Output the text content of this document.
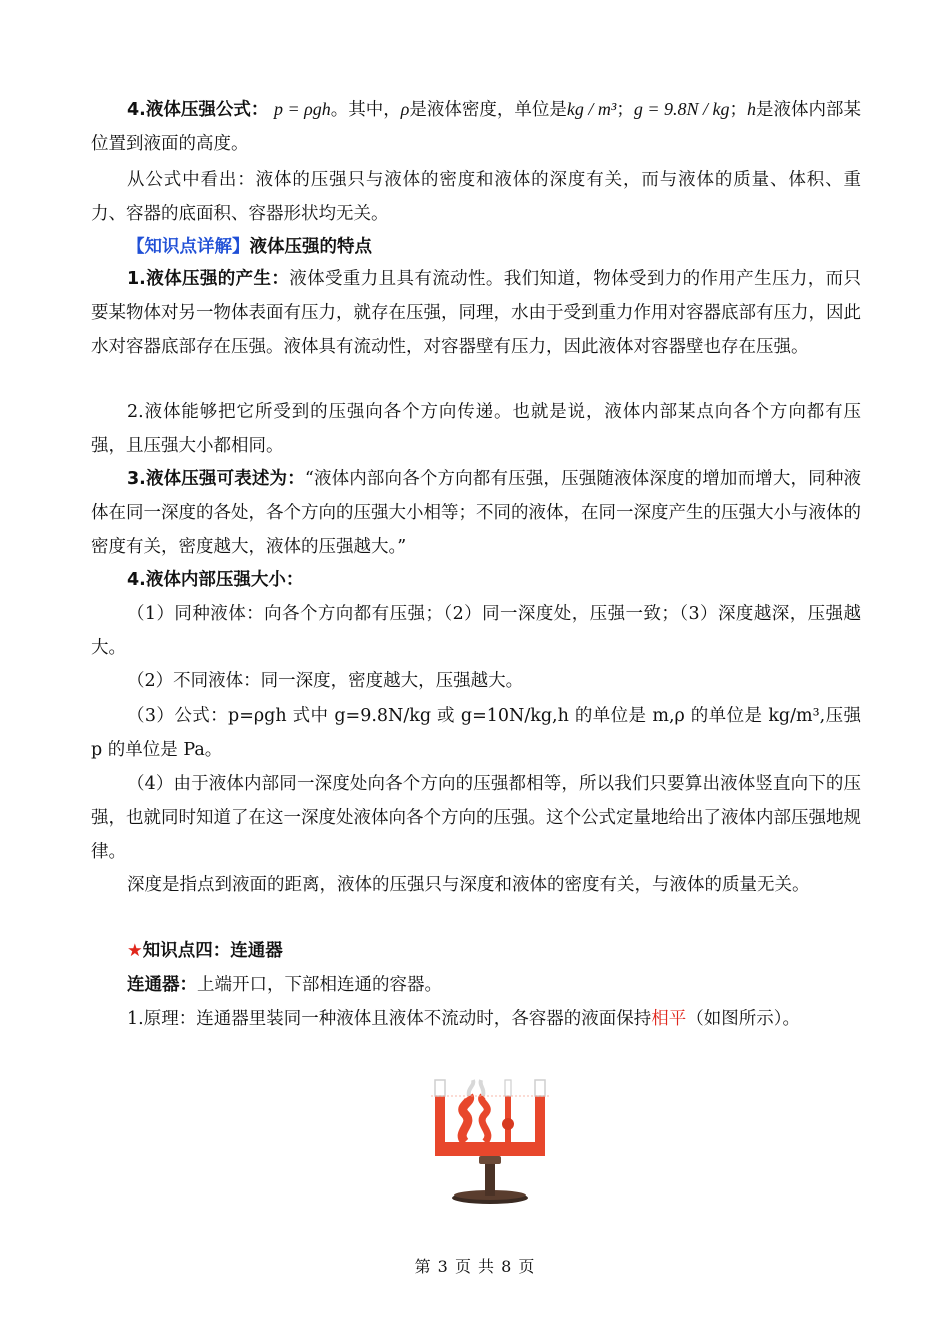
4.液体压强公式： p = ρgh。其中，ρ是液体密度，单位是kg / m³；g = 9.8N / kg；h是液体内部某位置到液面的高度。
从公式中看出：液体的压强只与液体的密度和液体的深度有关，而与液体的质量、体积、重力、容器的底面积、容器形状均无关。
【知识点详解】液体压强的特点
1.液体压强的产生：液体受重力且具有流动性。我们知道，物体受到力的作用产生压力，而只要某物体对另一物体表面有压力，就存在压强，同理，水由于受到重力作用对容器底部有压力，因此水对容器底部存在压强。液体具有流动性，对容器壁有压力，因此液体对容器壁也存在压强。
2.液体能够把它所受到的压强向各个方向传递。也就是说，液体内部某点向各个方向都有压强，且压强大小都相同。
3.液体压强可表述为：“液体内部向各个方向都有压强，压强随液体深度的增加而增大，同种液体在同一深度的各处，各个方向的压强大小相等；不同的液体，在同一深度产生的压强大小与液体的密度有关，密度越大，液体的压强越大。”
4.液体内部压强大小：
（1）同种液体：向各个方向都有压强；（2）同一深度处，压强一致；（3）深度越深，压强越大。
（2）不同液体：同一深度，密度越大，压强越大。
（3）公式：p=ρgh 式中 g=9.8N/kg 或 g=10N/kg,h 的单位是 m,ρ 的单位是 kg/m³,压强 p 的单位是 Pa。
（4）由于液体内部同一深度处向各个方向的压强都相等，所以我们只要算出液体竖直向下的压强，也就同时知道了在这一深度处液体向各个方向的压强。这个公式定量地给出了液体内部压强地规律。
深度是指点到液面的距离，液体的压强只与深度和液体的密度有关，与液体的质量无关。
★知识点四：连通器
连通器：上端开口，下部相连通的容器。
1.原理：连通器里装同一种液体且液体不流动时，各容器的液面保持相平（如图所示）。
第 3 页 共 8 页
